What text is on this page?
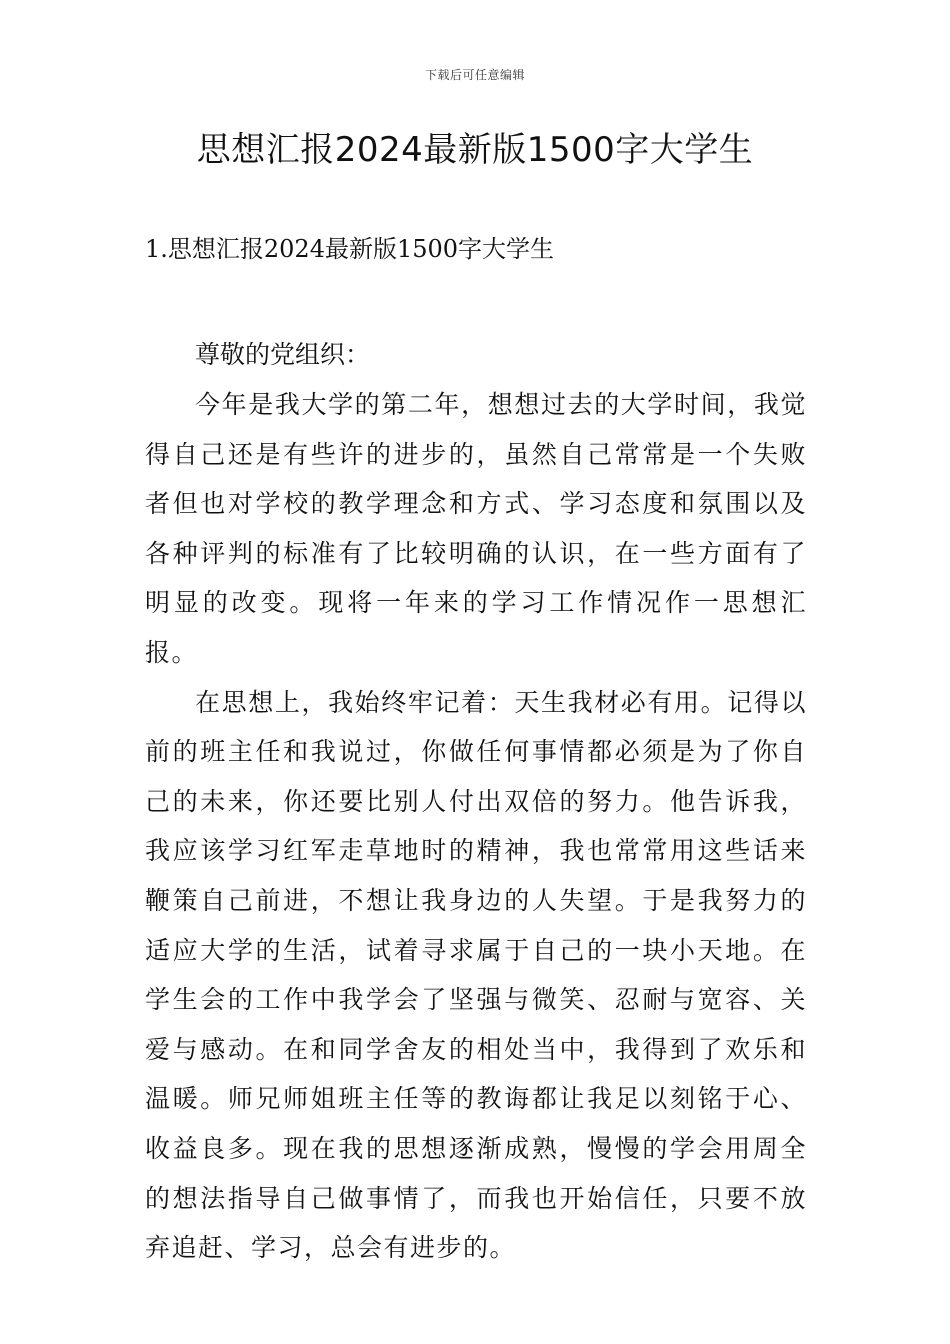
下载后可任意编辑
思想汇报2024最新版1500字大学生
1.思想汇报2024最新版1500字大学生

尊敬的党组织：

今年是我大学的第二年，想想过去的大学时间，我觉得自己还是有些许的进步的，虽然自己常常是一个失败者但也对学校的教学理念和方式、学习态度和氛围以及各种评判的标准有了比较明确的认识，在一些方面有了明显的改变。现将一年来的学习工作情况作一思想汇报。

在思想上，我始终牢记着：天生我材必有用。记得以前的班主任和我说过，你做任何事情都必须是为了你自己的未来，你还要比别人付出双倍的努力。他告诉我，我应该学习红军走草地时的精神，我也常常用这些话来鞭策自己前进，不想让我身边的人失望。于是我努力的适应大学的生活，试着寻求属于自己的一块小天地。在学生会的工作中我学会了坚强与微笑、忍耐与宽容、关爱与感动。在和同学舍友的相处当中，我得到了欢乐和温暖。师兄师姐班主任等的教诲都让我足以刻铭于心、收益良多。现在我的思想逐渐成熟，慢慢的学会用周全的想法指导自己做事情了，而我也开始信任，只要不放弃追赶、学习，总会有进步的。
